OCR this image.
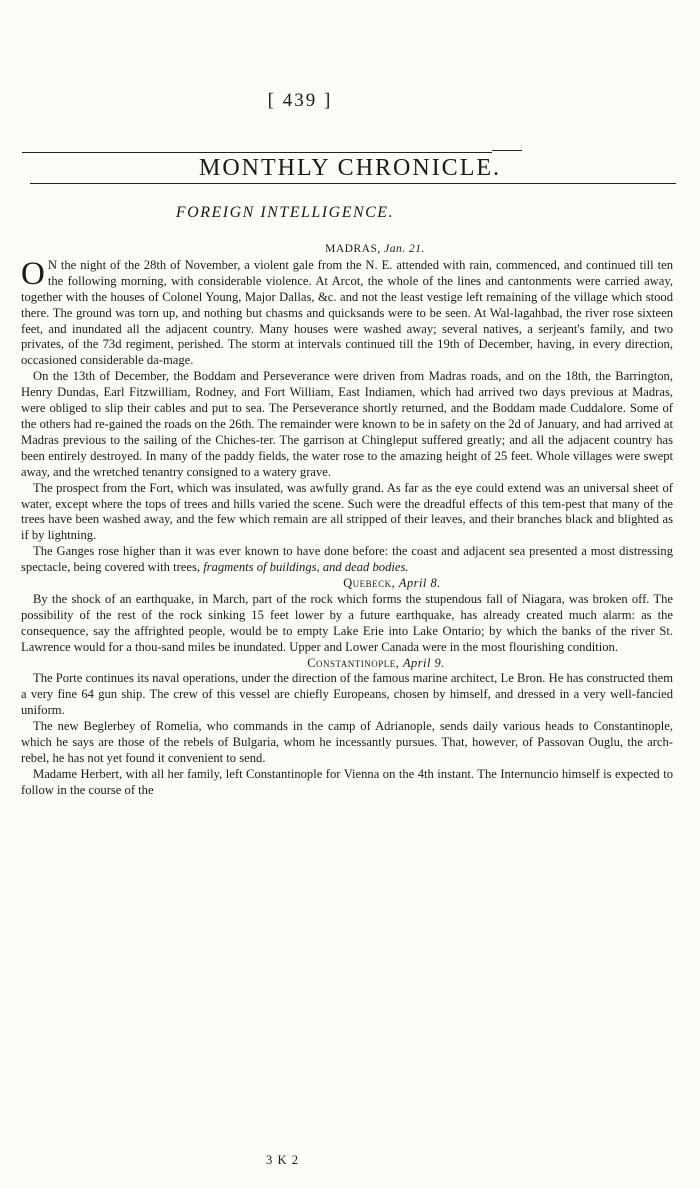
[ 439 ]
MONTHLY CHRONICLE.
FOREIGN INTELLIGENCE.
MADRAS, Jan. 21.

O N the night of the 28th of November, a violent gale from the N. E. attended with rain, commenced, and continued till ten the following morning, with considerable violence. At Arcot, the whole of the lines and cantonments were carried away, together with the houses of Colonel Young, Major Dallas, &c. and not the least vestige left remaining of the village which stood there. The ground was torn up, and nothing but chasms and quicksands were to be seen. At Wal-lagahbad, the river rose sixteen feet, and inundated all the adjacent country. Many houses were washed away; several natives, a serjeant's family, and two privates, of the 73d regiment, perished. The storm at intervals continued till the 19th of December, having, in every direction, occasioned considerable da-mage.

On the 13th of December, the Boddam and Perseverance were driven from Madras roads, and on the 18th, the Barrington, Henry Dundas, Earl Fitzwilliam, Rodney, and Fort William, East Indiamen, which had arrived two days previous at Madras, were obliged to slip their cables and put to sea. The Perseverance shortly returned, and the Boddam made Cuddalore. Some of the others had re-gained the roads on the 26th. The remainder were known to be in safety on the 2d of January, and had arrived at Madras previous to the sailing of the Chiches-ter. The garrison at Chingleput suffered greatly; and all the adjacent country has been entirely destroyed. In many of the paddy fields, the water rose to the amazing height of 25 feet. Whole villages were swept away, and the wretched tenantry consigned to a watery grave.

The prospect from the Fort, which was insulated, was awfully grand. As far as the eye could extend was an universal sheet of water, except where the tops of trees and hills varied the scene. Such were the dreadful effects of this tem-pest that many of the trees have been washed away, and the few which remain are all stripped of their leaves, and their branches black and blighted as if by lightning.

The Ganges rose higher than it was ever known to have done before: the coast and adjacent sea presented a most distressing spectacle, being covered with trees, fragments of buildings, and dead bodies.

Quebeck, April 8.

By the shock of an earthquake, in March, part of the rock which forms the stupendous fall of Niagara, was broken off. The possibility of the rest of the rock sinking 15 feet lower by a future earthquake, has already created much alarm: as the consequence, say the affrighted people, would be to empty Lake Erie into Lake Ontario; by which the banks of the river St. Lawrence would for a thou-sand miles be inundated. Upper and Lower Canada were in the most flourishing condition.

Constantinople, April 9.

The Porte continues its naval operations, under the direction of the famous marine architect, Le Bron. He has constructed them a very fine 64 gun ship. The crew of this vessel are chiefly Europeans, chosen by himself, and dressed in a very well-fancied uniform.

The new Beglerbey of Romelia, who commands in the camp of Adrianople, sends daily various heads to Constantinople, which he says are those of the rebels of Bulgaria, whom he incessantly pursues. That, however, of Passovan Ouglu, the arch-rebel, he has not yet found it convenient to send.

Madame Herbert, with all her family, left Constantinople for Vienna on the 4th instant. The Internuncio himself is expected to follow in the course of the

3 K 2
